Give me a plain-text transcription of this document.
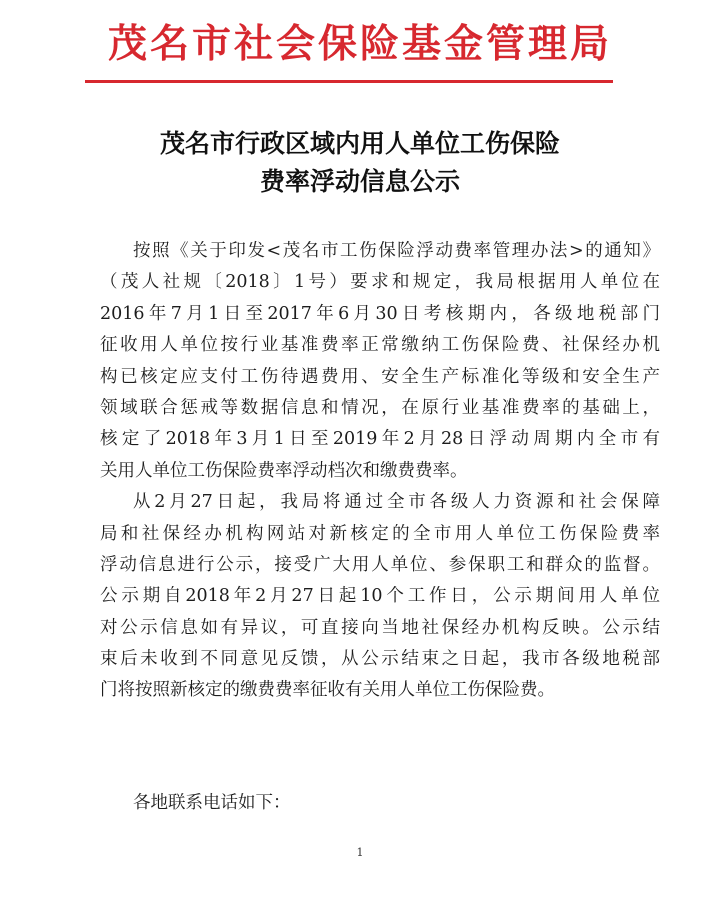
茂名市社会保险基金管理局
茂名市行政区域内用人单位工伤保险
费率浮动信息公示
按照《关于印发<茂名市工伤保险浮动费率管理办法>的通知》
（茂人社规〔2018〕1号）要求和规定，我局根据用人单位在
2016年7月1日至2017年6月30日考核期内，各级地税部门
征收用人单位按行业基准费率正常缴纳工伤保险费、社保经办机
构已核定应支付工伤待遇费用、安全生产标准化等级和安全生产
领域联合惩戒等数据信息和情况，在原行业基准费率的基础上，
核定了2018年3月1日至2019年2月28日浮动周期内全市有
关用人单位工伤保险费率浮动档次和缴费费率。
从2月27日起，我局将通过全市各级人力资源和社会保障
局和社保经办机构网站对新核定的全市用人单位工伤保险费率
浮动信息进行公示，接受广大用人单位、参保职工和群众的监督。
公示期自2018年2月27日起10个工作日，公示期间用人单位
对公示信息如有异议，可直接向当地社保经办机构反映。公示结
束后未收到不同意见反馈，从公示结束之日起，我市各级地税部
门将按照新核定的缴费费率征收有关用人单位工伤保险费。
各地联系电话如下：
1
